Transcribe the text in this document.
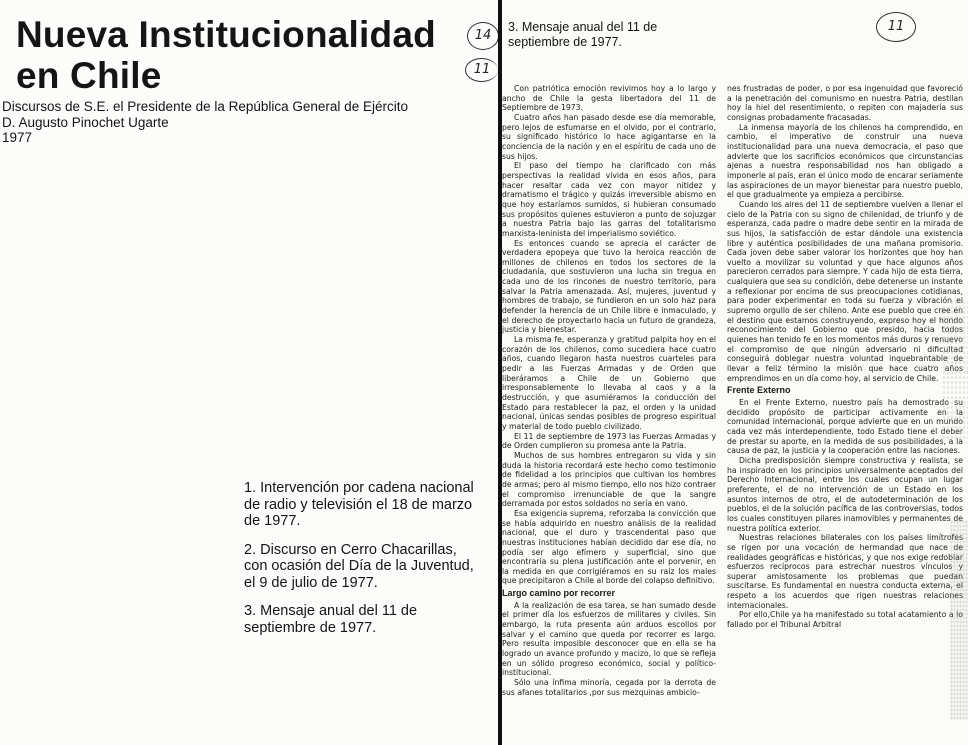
Nueva Institucionalidad
en Chile
14
11
Discursos de S.E. el Presidente de la República General de Ejército
D. Augusto Pinochet Ugarte
1977
1. Intervención por cadena nacional de radio y televisión el 18 de marzo de 1977.
2. Discurso en Cerro Chacarillas, con ocasión del Día de la Juventud, el 9 de julio de 1977.
3. Mensaje anual del 11 de septiembre de 1977.
3. Mensaje anual del 11 de septiembre de 1977.
11

Con patriótica emoción revivimos hoy a lo largo y ancho de Chile la gesta libertadora del 11 de Septiembre de 1973.

Cuatro años han pasado desde ese día memorable, pero lejos de esfumarse en el olvido, por el contrario, su significado histórico lo hace agigantarse en la conciencia de la nación y en el espíritu de cada uno de sus hijos.

El paso del tiempo ha clarificado con más perspectivas la realidad vivida en esos años, para hacer resaltar cada vez con mayor nitidez y dramatismo el trágico y quizás irreversible abismo en que hoy estaríamos sumidos, si hubieran consumado sus propósitos quienes estuvieron a punto de sojuzgar a nuestra Patria bajo las garras del totalitarismo marxista-leninista del imperialismo soviético.

Es entonces cuando se aprecia el carácter de verdadera epopeya que tuvo la heroica reacción de millones de chilenos en todos los sectores de la ciudadanía, que sostuvieron una lucha sin tregua en cada uno de los rincones de nuestro territorio, para salvar la Patria amenazada. Así, mujeres, juventud y hombres de trabajo, se fundieron en un solo haz para defender la herencia de un Chile libre e inmaculado, y el derecho de proyectarlo hacia un futuro de grandeza, justicia y bienestar.

La misma fe, esperanza y gratitud palpita hoy en el corazón de los chilenos, como sucediera hace cuatro años, cuando llegaron hasta nuestros cuarteles para pedir a las Fuerzas Armadas y de Orden que liberáramos a Chile de un Gobierno que irresponsablemente lo llevaba al caos y a la destrucción, y que asumiéramos la conducción del Estado para restablecer la paz, el orden y la unidad nacional, únicas sendas posibles de progreso espiritual y material de todo pueblo civilizado.

El 11 de septiembre de 1973 las Fuerzas Armadas y de Orden cumplieron su promesa ante la Patria.

Muchos de sus hombres entregaron su vida y sin duda la historia recordará este hecho como testimonio de fidelidad a los principios que cultivan los hombres de armas; pero al mismo tiempo, ello nos hizo contraer el compromiso irrenunciable de que la sangre derramada por estos soldados no sería en vano.

Esa exigencia suprema, reforzaba la convicción que se había adquirido en nuestro análisis de la realidad nacional, que el duro y trascendental paso que nuestras instituciones habían decidido dar ese día, no podía ser algo efímero y superficial, sino que encontraría su plena justificación ante el porvenir, en la medida en que corrigiéramos en su raíz los males que precipitaron a Chile al borde del colapso definitivo.

Largo camino por recorrer

A la realización de esa tarea, se han sumado desde el primer día los esfuerzos de militares y civiles. Sin embargo, la ruta presenta aún arduos escollos por salvar y el camino que queda por recorrer es largo. Pero resulta imposible desconocer que en ella se ha logrado un avance profundo y macizo, lo que se refleja en un sólido progreso económico, social y político-institucional.

Sólo una ínfima minoría, cegada por la derrota de sus afanes totalitarios ,por sus mezquinas ambicio-

nes frustradas de poder, o por esa ingenuidad que favoreció a la penetración del comunismo en nuestra Patria, destilan hoy la hiel del resentimiento, o repiten con majadería sus consignas probadamente fracasadas.

La inmensa mayoría de los chilenos ha comprendido, en cambio, el imperativo de construir una nueva institucionalidad para una nueva democracia, el paso que advierte que los sacrificios económicos que circunstancias ajenas a nuestra responsabilidad nos han obligado a imponerle al país, eran el único modo de encarar seriamente las aspiraciones de un mayor bienestar para nuestro pueblo, el que gradualmente ya empieza a percibirse.

Cuando los aires del 11 de septiembre vuelven a llenar el cielo de la Patria con su signo de chilenidad, de triunfo y de esperanza, cada padre o madre debe sentir en la mirada de sus hijos, la satisfacción de estar dándole una existencia libre y auténtica posibilidades de una mañana promisorio. Cada joven debe saber valorar los horizontes que hoy han vuelto a movilizar su voluntad y que hace algunos años parecieron cerrados para siempre. Y cada hijo de esta tierra, cualquiera que sea su condición, debe detenerse un instante a reflexionar por encima de sus preocupaciones cotidianas, para poder experimentar en toda su fuerza y vibración el supremo orgullo de ser chileno. Ante ese pueblo que cree en el destino que estamos construyendo, expreso hoy el hondo reconocimiento del Gobierno que presido, hacia todos quienes han tenido fe en los momentos más duros y renuevo el compromiso de que ningún adversario ni dificultad conseguirá doblegar nuestra voluntad inquebrantable de llevar a feliz término la misión que hace cuatro años emprendimos en un día como hoy, al servicio de Chile.

Frente Externo

En el Frente Externo, nuestro país ha demostrado su decidido propósito de participar activamente en la comunidad internacional, porque advierte que en un mundo cada vez más interdependiente, todo Estado tiene el deber de prestar su aporte, en la medida de sus posibilidades, a la causa de paz, la justicia y la cooperación entre las naciones.

Dicha predisposición siempre constructiva y realista, se ha inspirado en los principios universalmente aceptados del Derecho Internacional, entre los cuales ocupan un lugar preferente, el de no intervención de un Estado en los asuntos internos de otro, el de autodeterminación de los pueblos, el de la solución pacífica de las controversias, todos los cuales constituyen pilares inamovibles y permanentes de nuestra política exterior.

Nuestras relaciones bilaterales con los países limítrofes se rigen por una vocación de hermandad que nace de realidades geográficas e históricas, y que nos exige redoblar esfuerzos recíprocos para estrechar nuestros vínculos y superar amistosamente los problemas que puedan suscitarse. Es fundamental en nuestra conducta externa, el respeto a los acuerdos que rigen nuestras relaciones internacionales.

Por ello,Chile ya ha manifestado su total acatamiento a lo fallado por el Tribunal Arbitral
